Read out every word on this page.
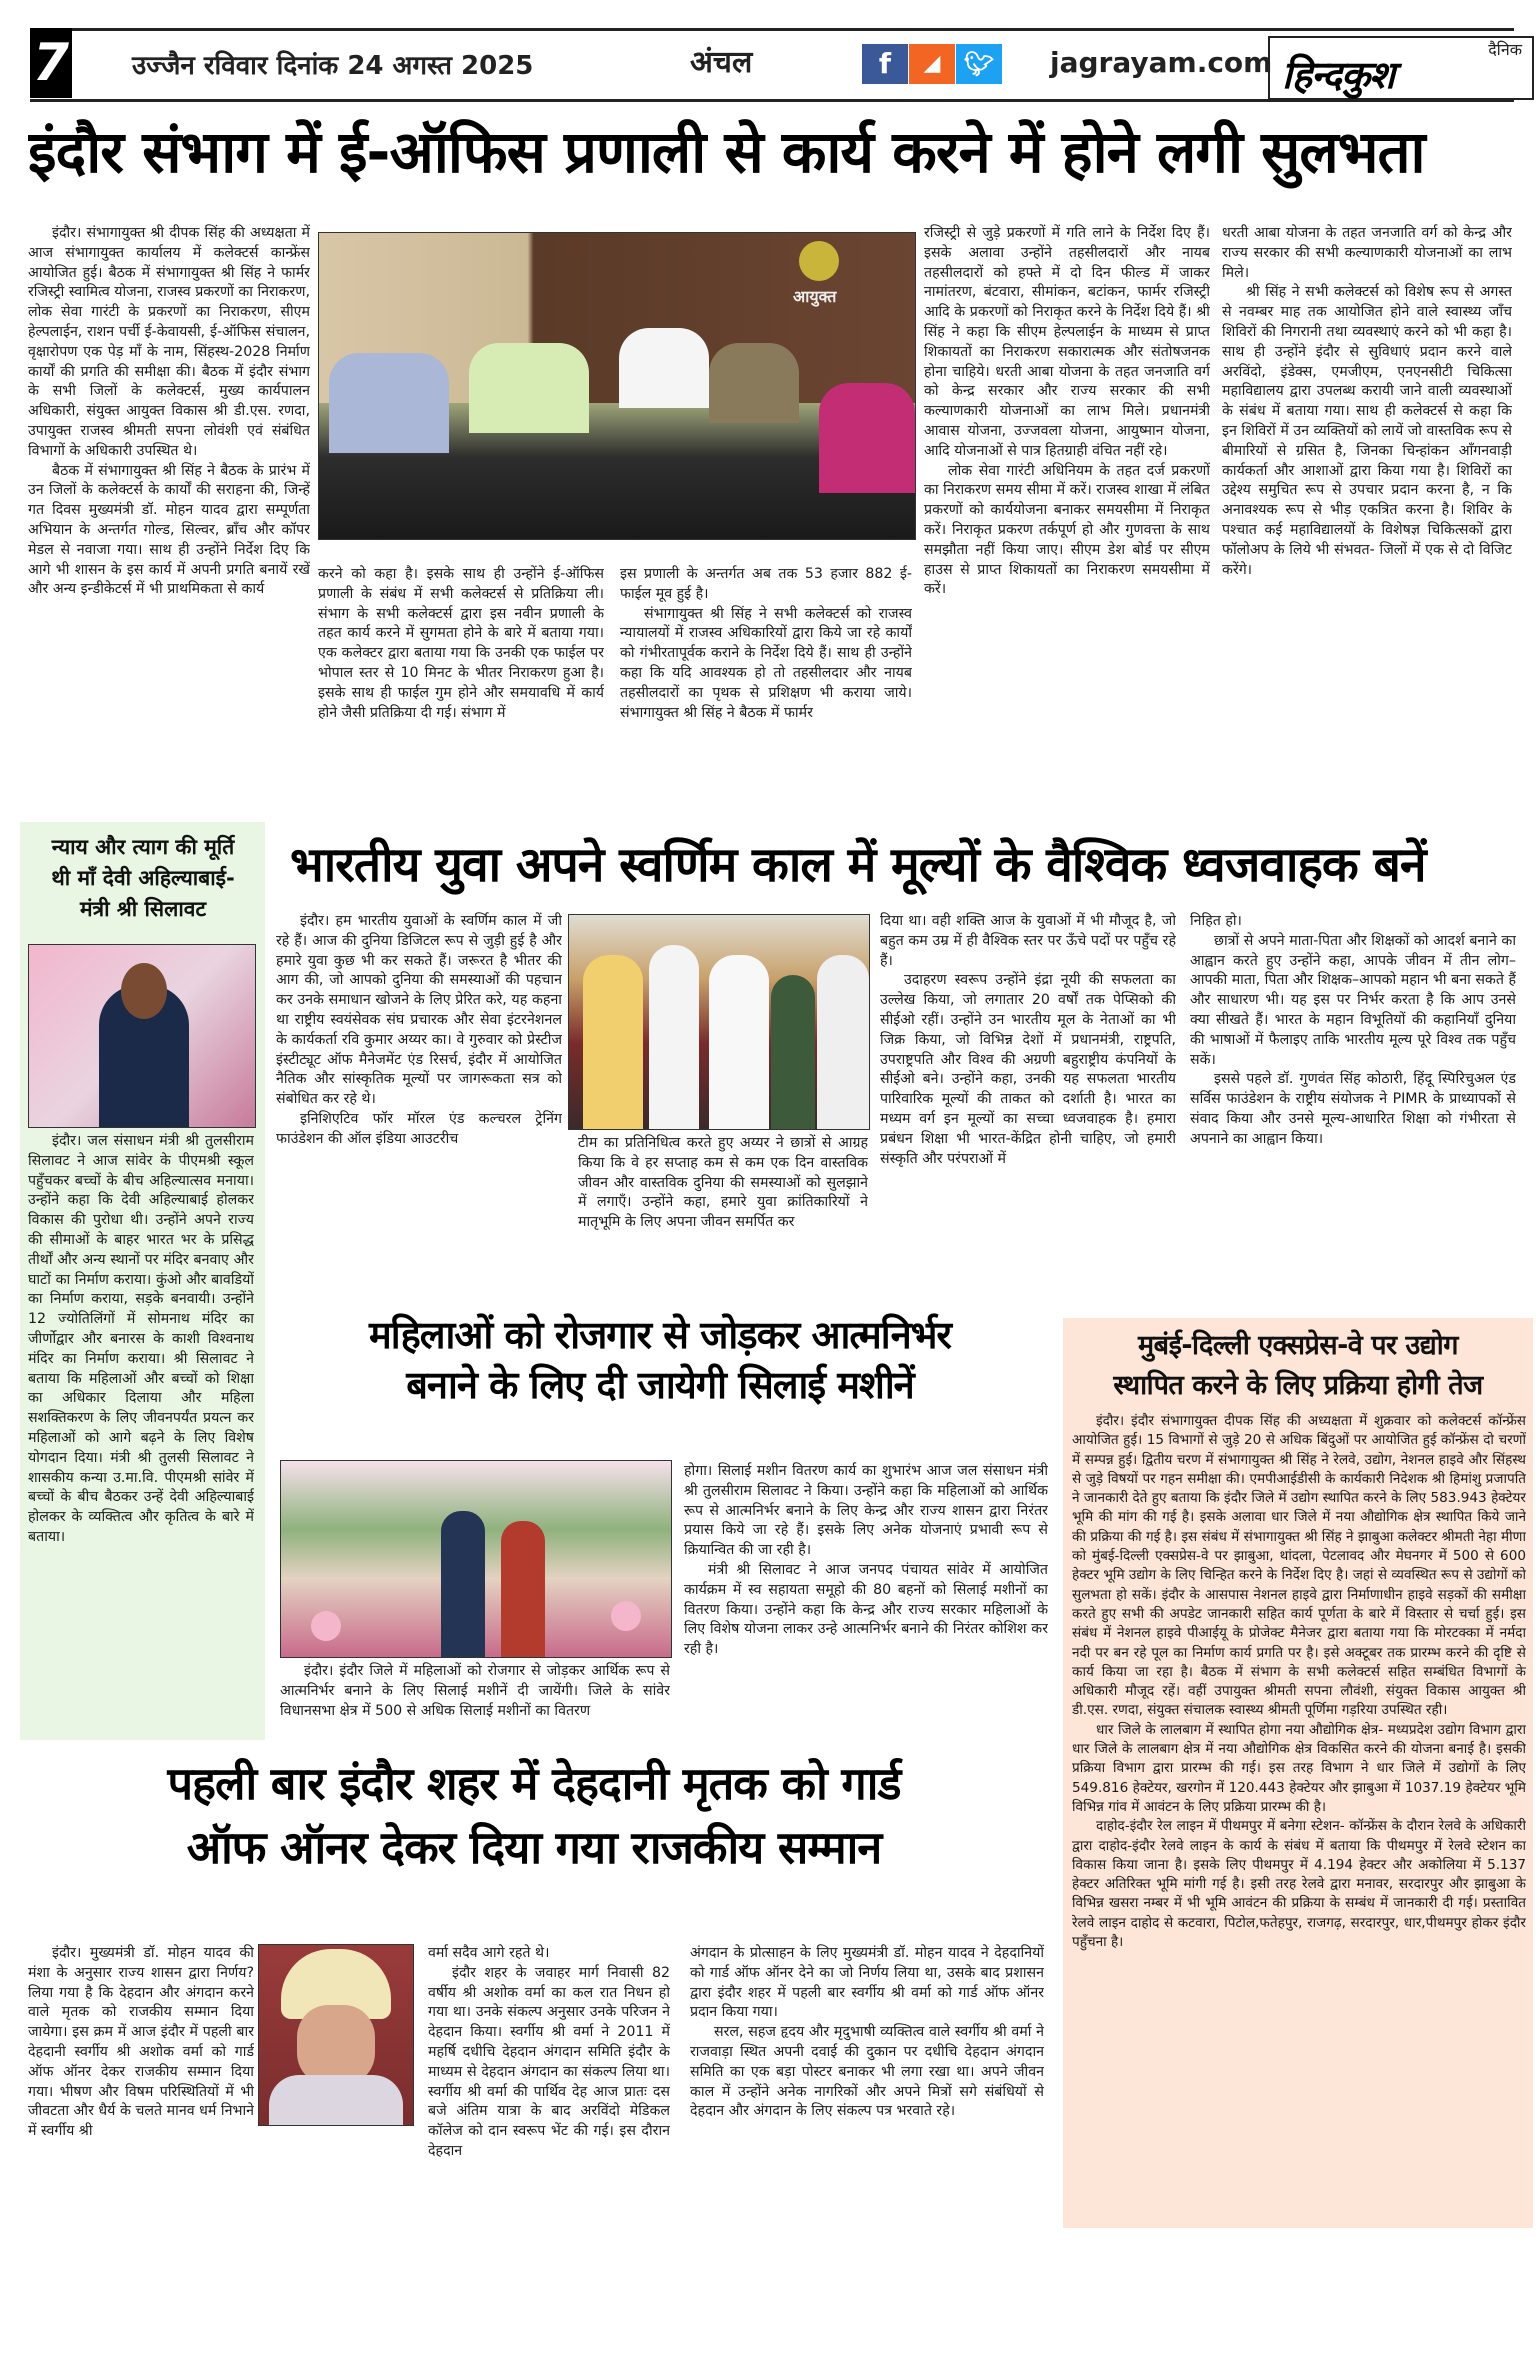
7 उज्जैन रविवार दिनांक 24 अगस्त 2025	अंचल	f	◢ 🐦︎ jagrayam.com	दैनिक
हिन्दकुश
इंदौर संभाग में ई-ऑफिस प्रणाली से कार्य करने में होने लगी सुलभता

इंदौर। संभागायुक्त श्री दीपक सिंह की अध्यक्षता में आज संभागायुक्त कार्यालय में कलेक्टर्स कान्फ्रेंस आयोजित हुई। बैठक में संभागायुक्त श्री सिंह ने फार्मर रजिस्ट्री स्वामित्व योजना, राजस्व प्रकरणों का निराकरण, लोक सेवा गारंटी के प्रकरणों का निराकरण, सीएम हेल्पलाईन, राशन पर्ची ई-केवायसी, ई-ऑफिस संचालन, वृक्षारोपण एक पेड़ माँ के नाम, सिंहस्थ-2028 निर्माण कार्यों की प्रगति की समीक्षा की। बैठक में इंदौर संभाग के सभी जिलों के कलेक्टर्स, मुख्य कार्यपालन अधिकारी, संयुक्त आयुक्त विकास श्री डी.एस. रणदा, उपायुक्त राजस्व श्रीमती सपना लोवंशी एवं संबंधित विभागों के अधिकारी उपस्थित थे।

बैठक में संभागायुक्त श्री सिंह ने बैठक के प्रारंभ में उन जिलों के कलेक्टर्स के कार्यों की सराहना की, जिन्हें गत दिवस मुख्यमंत्री डॉ. मोहन यादव द्वारा सम्पूर्णता अभियान के अन्तर्गत गोल्ड, सिल्वर, ब्राँच और कॉपर मेडल से नवाजा गया। साथ ही उन्होंने निर्देश दिए कि आगे भी शासन के इस कार्य में अपनी प्रगति बनायें रखें और अन्य इन्डीकेटर्स में भी प्राथमिकता से कार्य

आयुक्त

करने को कहा है। इसके साथ ही उन्होंने ई-ऑफिस प्रणाली के संबंध में सभी कलेक्टर्स से प्रतिक्रिया ली। संभाग के सभी कलेक्टर्स द्वारा इस नवीन प्रणाली के तहत कार्य करने में सुगमता होने के बारे में बताया गया। एक कलेक्टर द्वारा बताया गया कि उनकी एक फाईल पर भोपाल स्तर से 10 मिनट के भीतर निराकरण हुआ है। इसके साथ ही फाईल गुम होने और समयावधि में कार्य होने जैसी प्रतिक्रिया दी गई। संभाग में

इस प्रणाली के अन्तर्गत अब तक 53 हजार 882 ई-फाईल मूव हुई है।

संभागायुक्त श्री सिंह ने सभी कलेक्टर्स को राजस्व न्यायालयों में राजस्व अधिकारियों द्वारा किये जा रहे कार्यों को गंभीरतापूर्वक कराने के निर्देश दिये हैं। साथ ही उन्होंने कहा कि यदि आवश्यक हो तो तहसीलदार और नायब तहसीलदारों का पृथक से प्रशिक्षण भी कराया जाये। संभागायुक्त श्री सिंह ने बैठक में फार्मर

रजिस्ट्री से जुड़े प्रकरणों में गति लाने के निर्देश दिए हैं। इसके अलावा उन्होंने तहसीलदारों और नायब तहसीलदारों को हफ्ते में दो दिन फील्ड में जाकर नामांतरण, बंटवारा, सीमांकन, बटांकन, फार्मर रजिस्ट्री आदि के प्रकरणों को निराकृत करने के निर्देश दिये हैं। श्री सिंह ने कहा कि सीएम हेल्पलाईन के माध्यम से प्राप्त शिकायतों का निराकरण सकारात्मक और संतोषजनक होना चाहिये। धरती आबा योजना के तहत जनजाति वर्ग को केन्द्र सरकार और राज्य सरकार की सभी कल्याणकारी योजनाओं का लाभ मिले। प्रधानमंत्री आवास योजना, उज्जवला योजना, आयुष्मान योजना, आदि योजनाओं से पात्र हितग्राही वंचित नहीं रहे।

लोक सेवा गारंटी अधिनियम के तहत दर्ज प्रकरणों का निराकरण समय सीमा में करें। राजस्व शाखा में लंबित प्रकरणों को कार्ययोजना बनाकर समयसीमा में निराकृत करें। निराकृत प्रकरण तर्कपूर्ण हो और गुणवत्ता के साथ समझौता नहीं किया जाए। सीएम डेश बोर्ड पर सीएम हाउस से प्राप्त शिकायतों का निराकरण समयसीमा में करें।

धरती आबा योजना के तहत जनजाति वर्ग को केन्द्र और राज्य सरकार की सभी कल्याणकारी योजनाओं का लाभ मिले।

श्री सिंह ने सभी कलेक्टर्स को विशेष रूप से अगस्त से नवम्बर माह तक आयोजित होने वाले स्वास्थ्य जाँच शिविरों की निगरानी तथा व्यवस्थाएं करने को भी कहा है। साथ ही उन्होंने इंदौर से सुविधाएं प्रदान करने वाले अरविंदो, इंडेक्स, एमजीएम, एनएनसीटी चिकित्सा महाविद्यालय द्वारा उपलब्ध करायी जाने वाली व्यवस्थाओं के संबंध में बताया गया। साथ ही कलेक्टर्स से कहा कि इन शिविरों में उन व्यक्तियों को लायें जो वास्तविक रूप से बीमारियों से ग्रसित है, जिनका चिन्हांकन आँगनवाड़ी कार्यकर्ता और आशाओं द्वारा किया गया है। शिविरों का उद्देश्य समुचित रूप से उपचार प्रदान करना है, न कि अनावश्यक रूप से भीड़ एकत्रित करना है। शिविर के पश्चात कई महाविद्यालयों के विशेषज्ञ चिकित्सकों द्वारा फॉलोअप के लिये भी संभवत- जिलों में एक से दो विजिट करेंगे।

न्याय और त्याग की मूर्ति
थी माँ देवी अहिल्याबाई-
मंत्री श्री सिलावट

इंदौर। जल संसाधन मंत्री श्री तुलसीराम सिलावट ने आज सांवेर के पीएमश्री स्कूल पहुँचकर बच्चों के बीच अहिल्यात्सव मनाया। उन्होंने कहा कि देवी अहिल्याबाई होलकर विकास की पुरोधा थी। उन्होंने अपने राज्य की सीमाओं के बाहर भारत भर के प्रसिद्ध तीर्थों और अन्य स्थानों पर मंदिर बनवाए और घाटों का निर्माण कराया। कुंओ और बावडियों का निर्माण कराया, सड़के बनवायी। उन्होंने 12 ज्योतिलिंगों में सोमनाथ मंदिर का जीर्णोद्वार और बनारस के काशी विश्वनाथ मंदिर का निर्माण कराया। श्री सिलावट ने बताया कि महिलाओं और बच्चों को शिक्षा का अधिकार दिलाया और महिला सशक्तिकरण के लिए जीवनपर्यंत प्रयत्न कर महिलाओं को आगे बढ़ने के लिए विशेष योगदान दिया। मंत्री श्री तुलसी सिलावट ने शासकीय कन्या उ.मा.वि. पीएमश्री सांवेर में बच्चों के बीच बैठकर उन्हें देवी अहिल्याबाई होलकर के व्यक्तित्व और कृतित्व के बारे में बताया।

भारतीय युवा अपने स्वर्णिम काल में मूल्यों के वैश्विक ध्वजवाहक बनें

इंदौर। हम भारतीय युवाओं के स्वर्णिम काल में जी रहे हैं। आज की दुनिया डिजिटल रूप से जुड़ी हुई है और हमारे युवा कुछ भी कर सकते हैं। जरूरत है भीतर की आग की, जो आपको दुनिया की समस्याओं की पहचान कर उनके समाधान खोजने के लिए प्रेरित करे, यह कहना था राष्ट्रीय स्वयंसेवक संघ प्रचारक और सेवा इंटरनेशनल के कार्यकर्ता रवि कुमार अय्यर का। वे गुरुवार को प्रेस्टीज इंस्टीट्यूट ऑफ मैनेजमेंट एंड रिसर्च, इंदौर में आयोजित नैतिक और सांस्कृतिक मूल्यों पर जागरूकता सत्र को संबोधित कर रहे थे।

इनिशिएटिव फॉर मॉरल एंड कल्चरल ट्रेनिंग फाउंडेशन की ऑल इंडिया आउटरीच	टीम का प्रतिनिधित्व करते हुए अय्यर ने छात्रों से आग्रह किया कि वे हर सप्ताह कम से कम एक दिन वास्तविक जीवन और वास्तविक दुनिया की समस्याओं को सुलझाने में लगाएँ। उन्होंने कहा, हमारे युवा क्रांतिकारियों ने मातृभूमि के लिए अपना जीवन समर्पित कर

दिया था। वही शक्ति आज के युवाओं में भी मौजूद है, जो बहुत कम उम्र में ही वैश्विक स्तर पर ऊँचे पदों पर पहुँच रहे हैं।

उदाहरण स्वरूप उन्होंने इंद्रा नूयी की सफलता का उल्लेख किया, जो लगातार 20 वर्षों तक पेप्सिको की सीईओ रहीं। उन्होंने उन भारतीय मूल के नेताओं का भी जिक्र किया, जो विभिन्न देशों में प्रधानमंत्री, राष्ट्रपति, उपराष्ट्रपति और विश्व की अग्रणी बहुराष्ट्रीय कंपनियों के सीईओ बने। उन्होंने कहा, उनकी यह सफलता भारतीय पारिवारिक मूल्यों की ताकत को दर्शाती है। भारत का मध्यम वर्ग इन मूल्यों का सच्चा ध्वजवाहक है। हमारा प्रबंधन शिक्षा भी भारत-केंद्रित होनी चाहिए, जो हमारी संस्कृति और परंपराओं में

निहित हो।

छात्रों से अपने माता-पिता और शिक्षकों को आदर्श बनाने का आह्वान करते हुए उन्होंने कहा, आपके जीवन में तीन लोग–आपकी माता, पिता और शिक्षक–आपको महान भी बना सकते हैं और साधारण भी। यह इस पर निर्भर करता है कि आप उनसे क्या सीखते हैं। भारत के महान विभूतियों की कहानियाँ दुनिया की भाषाओं में फैलाइए ताकि भारतीय मूल्य पूरे विश्व तक पहुँच सकें।

इससे पहले डॉ. गुणवंत सिंह कोठारी, हिंदू स्पिरिचुअल एंड सर्विस फाउंडेशन के राष्ट्रीय संयोजक ने PIMR के प्राध्यापकों से संवाद किया और उनसे मूल्य-आधारित शिक्षा को गंभीरता से अपनाने का आह्वान किया।

महिलाओं को रोजगार से जोड़कर आत्मनिर्भर
बनाने के लिए दी जायेगी सिलाई मशीनें

इंदौर। इंदौर जिले में महिलाओं को रोजगार से जोड़कर आर्थिक रूप से आत्मनिर्भर बनाने के लिए सिलाई मशीनें दी जायेंगी। जिले के सांवेर विधानसभा क्षेत्र में 500 से अधिक सिलाई मशीनों का वितरण

होगा। सिलाई मशीन वितरण कार्य का शुभारंभ आज जल संसाधन मंत्री श्री तुलसीराम सिलावट ने किया। उन्होंने कहा कि महिलाओं को आर्थिक रूप से आत्मनिर्भर बनाने के लिए केन्द्र और राज्य शासन द्वारा निरंतर प्रयास किये जा रहे हैं। इसके लिए अनेक योजनाएं प्रभावी रूप से क्रियान्वित की जा रही है।

मंत्री श्री सिलावट ने आज जनपद पंचायत सांवेर में आयोजित कार्यक्रम में स्व सहायता समूहो की 80 बहनों को सिलाई मशीनों का वितरण किया। उन्होंने कहा कि केन्द्र और राज्य सरकार महिलाओं के लिए विशेष योजना लाकर उन्हे आत्मनिर्भर बनाने की निरंतर कोशिश कर रही है।

मुबंई-दिल्ली एक्सप्रेस-वे पर उद्योग
स्थापित करने के लिए प्रक्रिया होगी तेज

इंदौर। इंदौर संभागायुक्त दीपक सिंह की अध्यक्षता में शुक्रवार को कलेक्टर्स कॉन्फ्रेंस आयोजित हुई। 15 विभागों से जुड़े 20 से अधिक बिंदुओं पर आयोजित हुई कॉन्फ्रेंस दो चरणों में सम्पन्न हुई। द्वितीय चरण में संभागायुक्त श्री सिंह ने रेलवे, उद्योग, नेशनल हाइवे और सिंहस्थ से जुड़े विषयों पर गहन समीक्षा की। एमपीआईडीसी के कार्यकारी निदेशक श्री हिमांशु प्रजापति ने जानकारी देते हुए बताया कि इंदौर जिले में उद्योग स्थापित करने के लिए 583.943 हेक्टेयर भूमि की मांग की गई है। इसके अलावा धार जिले में नया औद्योगिक क्षेत्र स्थापित किये जाने की प्रक्रिया की गई है। इस संबंध में संभागायुक्त श्री सिंह ने झाबुआ कलेक्टर श्रीमती नेहा मीणा को मुंबई-दिल्ली एक्सप्रेस-वे पर झाबुआ, थांदला, पेटलावद और मेघनगर में 500 से 600 हेक्टर भूमि उद्योग के लिए चिन्हित करने के निर्देश दिए है। जहां से व्यवस्थित रूप से उद्योगों को सुलभता हो सकें। इंदौर के आसपास नेशनल हाइवे द्वारा निर्माणाधीन हाइवे सड़कों की समीक्षा करते हुए सभी की अपडेट जानकारी सहित कार्य पूर्णता के बारे में विस्तार से चर्चा हुई। इस संबंध में नेशनल हाइवे पीआईयू के प्रोजेक्ट मैनेजर द्वारा बताया गया कि मोरटक्का में नर्मदा नदी पर बन रहे पूल का निर्माण कार्य प्रगति पर है। इसे अक्टूबर तक प्रारम्भ करने की दृष्टि से कार्य किया जा रहा है। बैठक में संभाग के सभी कलेक्टर्स सहित सम्बंधित विभागों के अधिकारी मौजूद रहें। वहीं उपायुक्त श्रीमती सपना लौवंशी, संयुक्त विकास आयुक्त श्री डी.एस. रणदा, संयुक्त संचालक स्वास्थ्य श्रीमती पूर्णिमा गड़रिया उपस्थित रही।

धार जिले के लालबाग में स्थापित होगा नया औद्योगिक क्षेत्र- मध्यप्रदेश उद्योग विभाग द्वारा धार जिले के लालबाग क्षेत्र में नया औद्योगिक क्षेत्र विकसित करने की योजना बनाई है। इसकी प्रक्रिया विभाग द्वारा प्रारम्भ की गई। इस तरह विभाग ने धार जिले में उद्योगों के लिए 549.816 हेक्टेयर, खरगोन में 120.443 हेक्टेयर और झाबुआ में 1037.19 हेक्टेयर भूमि विभिन्न गांव में आवंटन के लिए प्रक्रिया प्रारम्भ की है।

दाहोद-इंदौर रेल लाइन में पीथमपुर में बनेगा स्टेशन- कॉन्फ्रेंस के दौरान रेलवे के अधिकारी द्वारा दाहोद-इंदौर रेलवे लाइन के कार्य के संबंध में बताया कि पीथमपुर में रेलवे स्टेशन का विकास किया जाना है। इसके लिए पीथमपुर में 4.194 हेक्टर और अकोलिया में 5.137 हेक्टर अतिरिक्त भूमि मांगी गई है। इसी तरह रेलवे द्वारा मनावर, सरदारपुर और झाबुआ के विभिन्न खसरा नम्बर में भी भूमि आवंटन की प्रक्रिया के सम्बंध में जानकारी दी गई। प्रस्तावित रेलवे लाइन दाहोद से कटवारा, पिटोल,फतेहपुर, राजगढ़, सरदारपुर, धार,पीथमपुर होकर इंदौर पहुँचना है।

पहली बार इंदौर शहर में देहदानी मृतक को गार्ड
ऑफ ऑनर देकर दिया गया राजकीय सम्मान

इंदौर। मुख्यमंत्री डॉ. मोहन यादव की मंशा के अनुसार राज्य शासन द्वारा निर्णय? लिया गया है कि देहदान और अंगदान करने वाले मृतक को राजकीय सम्मान दिया जायेगा। इस क्रम में आज इंदौर में पहली बार देहदानी स्वर्गीय श्री अशोक वर्मा को गार्ड ऑफ ऑनर देकर राजकीय सम्मान दिया गया। भीषण और विषम परिस्थितियों में भी जीवटता और धैर्य के चलते मानव धर्म निभाने में स्वर्गीय श्री

वर्मा सदैव आगे रहते थे।

इंदौर शहर के जवाहर मार्ग निवासी 82 वर्षीय श्री अशोक वर्मा का कल रात निधन हो गया था। उनके संकल्प अनुसार उनके परिजन ने देहदान किया। स्वर्गीय श्री वर्मा ने 2011 में महर्षि दधीचि देहदान अंगदान समिति इंदौर के माध्यम से देहदान अंगदान का संकल्प लिया था। स्वर्गीय श्री वर्मा की पार्थिव देह आज प्रातः दस बजे अंतिम यात्रा के बाद अरविंदो मेडिकल कॉलेज को दान स्वरूप भेंट की गई। इस दौरान देहदान

अंगदान के प्रोत्साहन के लिए मुख्यमंत्री डॉ. मोहन यादव ने देहदानियों को गार्ड ऑफ ऑनर देने का जो निर्णय लिया था, उसके बाद प्रशासन द्वारा इंदौर शहर में पहली बार स्वर्गीय श्री वर्मा को गार्ड ऑफ ऑनर प्रदान किया गया।

सरल, सहज हृदय और मृदुभाषी व्यक्तित्व वाले स्वर्गीय श्री वर्मा ने राजवाड़ा स्थित अपनी दवाई की दुकान पर दधीचि देहदान अंगदान समिति का एक बड़ा पोस्टर बनाकर भी लगा रखा था। अपने जीवन काल में उन्होंने अनेक नागरिकों और अपने मित्रों सगे संबंधियों से देहदान और अंगदान के लिए संकल्प पत्र भरवाते रहे।
